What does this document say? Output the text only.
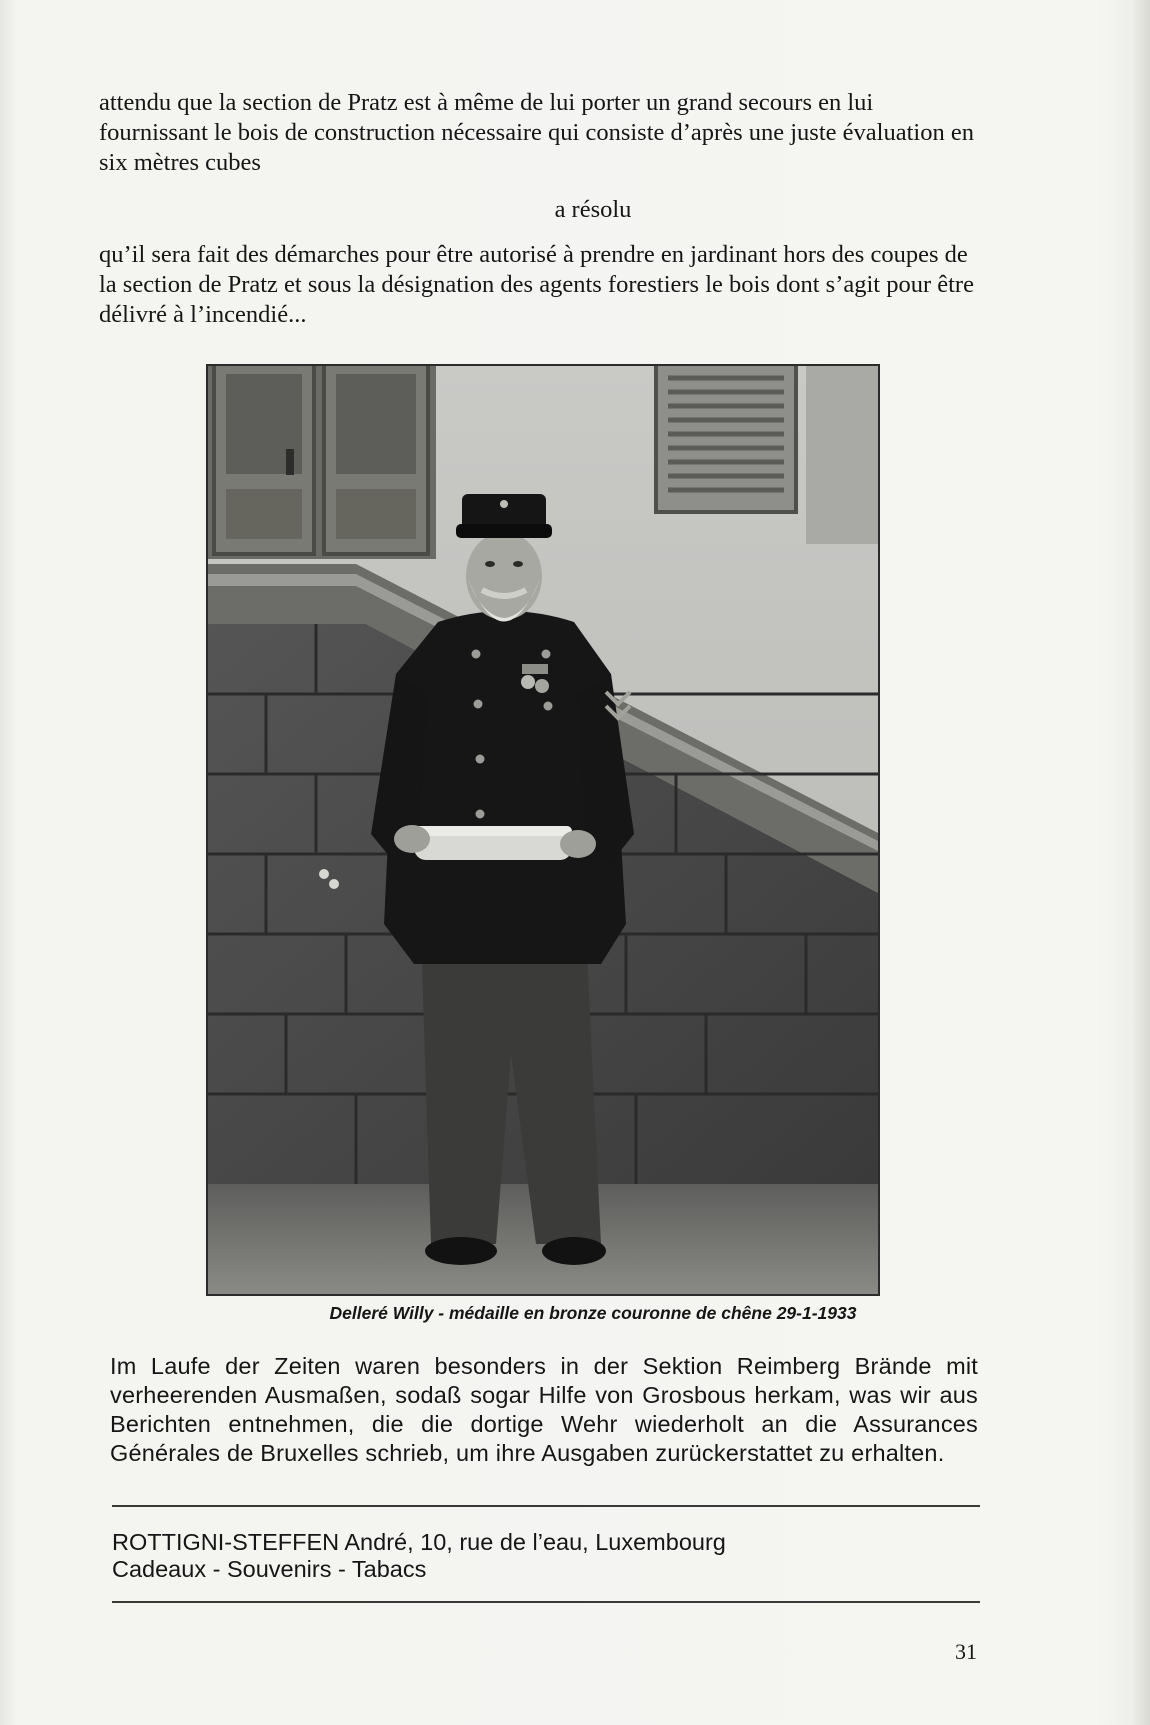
attendu que la section de Pratz est à même de lui porter un grand secours en lui fournissant le bois de construction nécessaire qui consiste d’après une juste évaluation en six mètres cubes

a résolu

qu’il sera fait des démarches pour être autorisé à prendre en jardinant hors des coupes de la section de Pratz et sous la désignation des agents forestiers le bois dont s’agit pour être délivré à l’incendié...

Delleré Willy - médaille en bronze couronne de chêne 29-1-1933

Im Laufe der Zeiten waren besonders in der Sektion Reimberg Brände mit verheerenden Ausmaßen, sodaß sogar Hilfe von Grosbous herkam, was wir aus Berichten entnehmen, die die dortige Wehr wiederholt an die Assurances Générales de Bruxelles schrieb, um ihre Ausgaben zurückerstattet zu erhalten.

ROTTIGNI-STEFFEN André, 10, rue de l’eau, Luxembourg
Cadeaux - Souvenirs - Tabacs
31
